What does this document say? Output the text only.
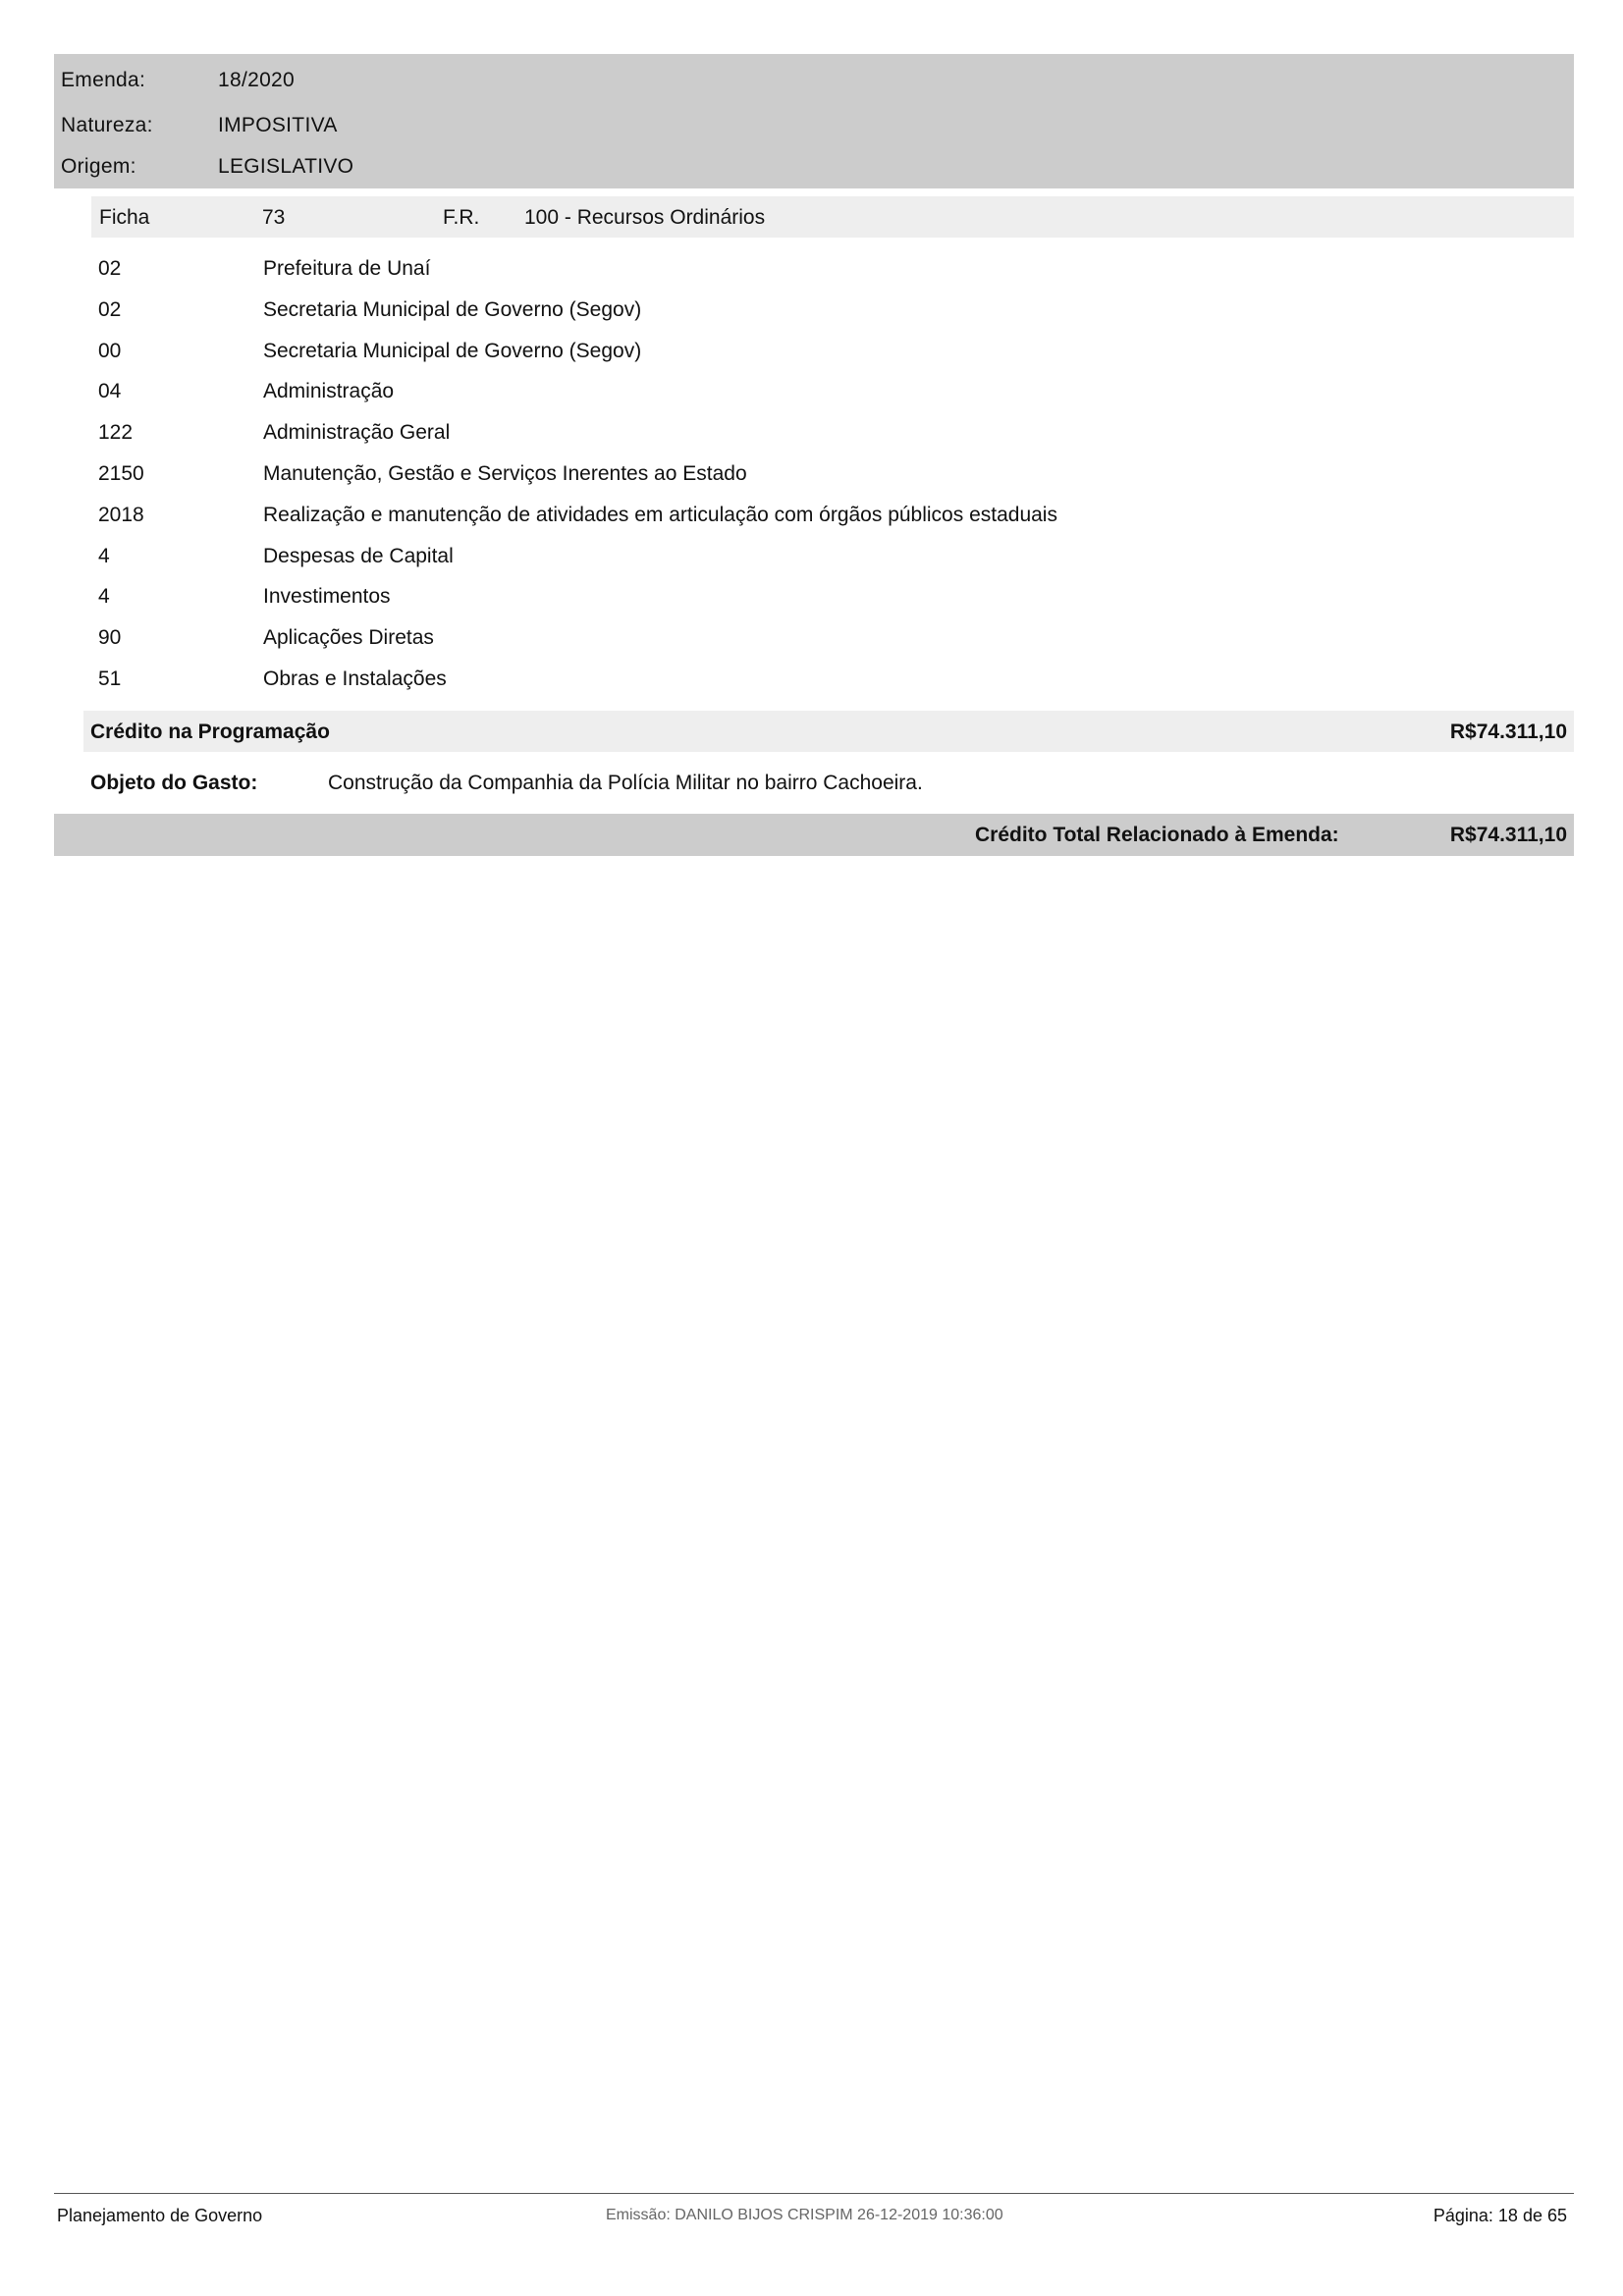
Emenda:	18/2020
Natureza:	IMPOSITIVA
Origem:	LEGISLATIVO
Ficha	73	F.R. 100 - Recursos Ordinários
02	Prefeitura de Unaí
02	Secretaria Municipal de Governo (Segov)
00	Secretaria Municipal de Governo (Segov)
04	Administração
122	Administração Geral
2150	Manutenção, Gestão e Serviços Inerentes ao Estado
2018	Realização e manutenção de atividades em articulação com órgãos públicos estaduais
4	Despesas de Capital
4	Investimentos
90	Aplicações Diretas
51	Obras e Instalações
Crédito na Programação	R$74.311,10
Objeto do Gasto:	Construção da Companhia da Polícia Militar no bairro Cachoeira.
Crédito Total Relacionado à Emenda:	R$74.311,10
Planejamento de Governo	Emissão: DANILO BIJOS CRISPIM 26-12-2019 10:36:00	Página: 18 de 65
